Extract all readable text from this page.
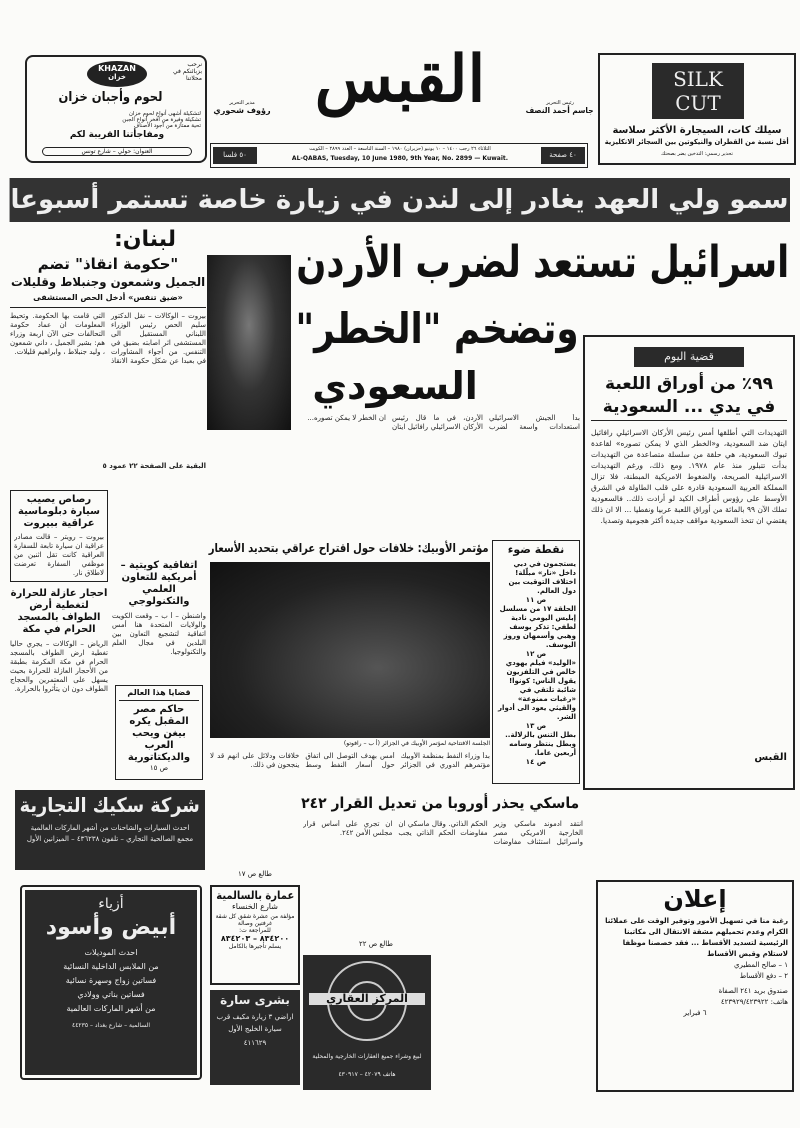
KHAZAN
خزان
نرحب بزبائنكم في محلاتنا
لحوم وأجبان خزان
لتشكيلة أشهى أنواع لحوم خزان
تشكيلة وفيرة من أفخر أنواع الجبن
تحية ممتازة من أجود الأصناف
ومفاجأتنا القريبة لكم
العنوان: حولي – شارع تونس
مدير التحرير
رؤوف شحوري القبس	رئيس التحرير
جاسم أحمد النصف
٤٠ صفحة
الثلاثاء ٢٦ رجب ١٤٠٠ – ١٠ يونيو (حزيران) ١٩٨٠ – السنة التاسعة – العدد ٢٨٩٩ – الكويت
AL-QABAS, Tuesday, 10 June 1980, 9th Year, No. 2899 — Kuwait.
٥٠ فلسا
SILK
CUT
سيلك كات، السيجارة الأكثر سلاسة
أقل نسبة من القطران والنيكوتين بين السجائر الانكليزية
تحذير رسمي: التدخين يضر بصحتك
سمو ولي العهد يغادر إلى لندن في زيارة خاصة تستمر أسبوعا
لبنان:
"حكومة انقاذ" تضم
الجميل وشمعون وجنبلاط وقليلات
«ضيق تنفس» أدخل الحص المستشفى
بيروت – الوكالات – نقل الدكتور سليم الحص رئيس الوزراء اللبناني المستقيل الى المستشفى اثر اصابته بضيق في التنفس. من أجواء المشاورات في بعبدا عن شكل حكومة الانقاذ التي قامت بها الحكومة. وتحيط المعلومات ان عماد حكومة التحالفات حتى الآن اربعة وزراء هم: بشير الجميل ، داني شمعون ، وليد جنبلاط ، وابراهيم قليلات.
البقية على الصفحة ٢٢ عمود ٥
رصاص يصيب سيارة دبلوماسية عراقية ببيروت
بيروت – رويتر – قالت مصادر عراقية ان سيارة تابعة للسفارة العراقية كانت تقل اثنين من موظفي السفارة تعرضت لاطلاق نار.
أحجار عازلة للحرارة لتغطية أرض الطواف بالمسجد الحرام في مكة
الرياض – الوكالات – يجري حاليا تغطية ارض الطواف بالمسجد الحرام في مكة المكرمة بطبقة من الأحجار العازلة للحرارة بحيث يسهل على المعتمرين والحجاج الطواف دون ان يتأثروا بالحرارة.
اتفاقية كويتية – أمريكية للتعاون العلمي والتكنولوجي
واشنطن – أ ب – وقعت الكويت والولايات المتحدة هنا أمس اتفاقية لتشجيع التعاون بين البلدين في مجال العلم والتكنولوجيا.
قضايا هذا العالم
حاكم مصر المقبل يكره بيغن ويحب العرب والديكتاتورية
ص ١٥
اسرائيل تستعد لضرب الأردن
وتضخم "الخطر"
السعودي
بدأ الجيش الاسرائيلي استعدادات واسعة لضرب الأردن، في ما قال رئيس الأركان الاسرائيلي رافائيل ايتان ان الخطر لا يمكن تصوره...
قضية اليوم
٩٩٪ من أوراق اللعبة
في يدي ... السعودية
التهديدات التي أطلقها أمس رئيس الأركان الاسرائيلي رافائيل ايتان ضد السعودية، و«الخطر الذي لا يمكن تصوره» لقاعدة تبوك السعودية، هي حلقة من سلسلة متصاعدة من التهديدات بدأت تتبلور منذ عام ١٩٧٨. ومع ذلك، ورغم التهديدات الاسرائيلية الصريحة، والضغوط الامريكية المبطنة، فلا تزال المملكة العربية السعودية قادرة على قلب الطاولة في الشرق الأوسط على رؤوس أطراف الكيد لو أرادت ذلك.. فالسعودية تملك الآن ٩٩ بالمائة من أوراق اللعبة عربيا ونفطيا ... الا ان ذلك يقتضي ان تتخذ السعودية مواقف جديدة أكثر هجومية وتصديا.
القبس
مؤتمر الأوبيك: خلافات حول اقتراح عراقي بتحديد الأسعار
الجلسة الافتتاحية لمؤتمر الأوبيك في الجزائر (أ ب – رافوتو)
بدأ وزراء النفط بمنظمة الأوبيك مؤتمرهم الدوري في الجزائر أمس بهدف التوصل الى اتفاق حول أسعار النفط وسط خلافات ودلائل على انهم قد لا ينجحون في ذلك.
نقطة ضوء
يستجمون في دبي داخل «نار» مبلّلة!
اختلاف التوقيت بين دول العالم.
ص ١١
الحلقة ١٧ من مسلسل إبليس اليومي نادية لطفي: تذكر يوسف وهبي وأسمهان وروز اليوسف.
ص ١٢
«الوليد» فيلم يهودي خالص في التلفزيون يقول الناس: كونوا!
شائبة تلتقي في «رغبات ممنوعة» والقيثي يعود الى أدوار الشر.
ص ١٣
بطل التنس بالزلالة.. وبطل ينتظر وسامه أربعين عاما.
ص ١٤
ماسكي يحذر أوروبا من تعديل القرار ٢٤٢
انتقد ادموند ماسكي وزير الخارجية الامريكي مصر واسرائيل استئناف مفاوضات الحكم الذاتي. وقال ماسكي ان مفاوضات الحكم الذاتي يجب ان تجري على أساس قرار مجلس الأمن ٢٤٢.
طالع ص ٢٢
طالع ص ١٧
شركة سكيك التجارية
احدث السيارات والشاحنات من أشهر الماركات العالمية
مجمع الصالحية التجاري – تلفون ٤٣٦٢٣٨ – الميزانين الأول
أزياء
أبيض وأسود
احدث الموديلات
من الملابس الداخلية النسائية
فساتين زواج وسهرة نسائية
فساتين بناتي وولادي
من أشهر الماركات العالمية
السالمية – شارع بغداد – ٤٤٢٣٥
عمارة بالسالمية
شارع الخنساء
مؤلفة من عشرة شقق كل شقة غرفتين وصالة
للمراجعة ت:
٨٣٤٢٠٠ – ٨٣٤٢٠٣
يسلم تأجيرها بالكامل
بشرى سارة
اراضي ٣ زيارة مكيف قرب سيارة الخليج الأول
٤١١٦٢٩
المركز العقاري
لبيع وشراء جميع العقارات الخارجية والمحلية
هاتف ٤٢٠٧٩ – ٤٣٠٩١٧
إعلان
رغبة منا في تسهيل الأمور وتوفير الوقت على عملائنا الكرام وعدم تحميلهم مشقة الانتقال الى مكاتبنا الرئيسية لتسديد الأقساط ... فقد خصصنا موظفا لاستلام وقبض الأقساط
١ – صالح المطيري
٢ – دفع الأقساط
صندوق بريد ٢٤١ الصفاة
هاتف: ٤٢٣٩٢٩/٤٢٣٩٢٢
٦ فبراير
